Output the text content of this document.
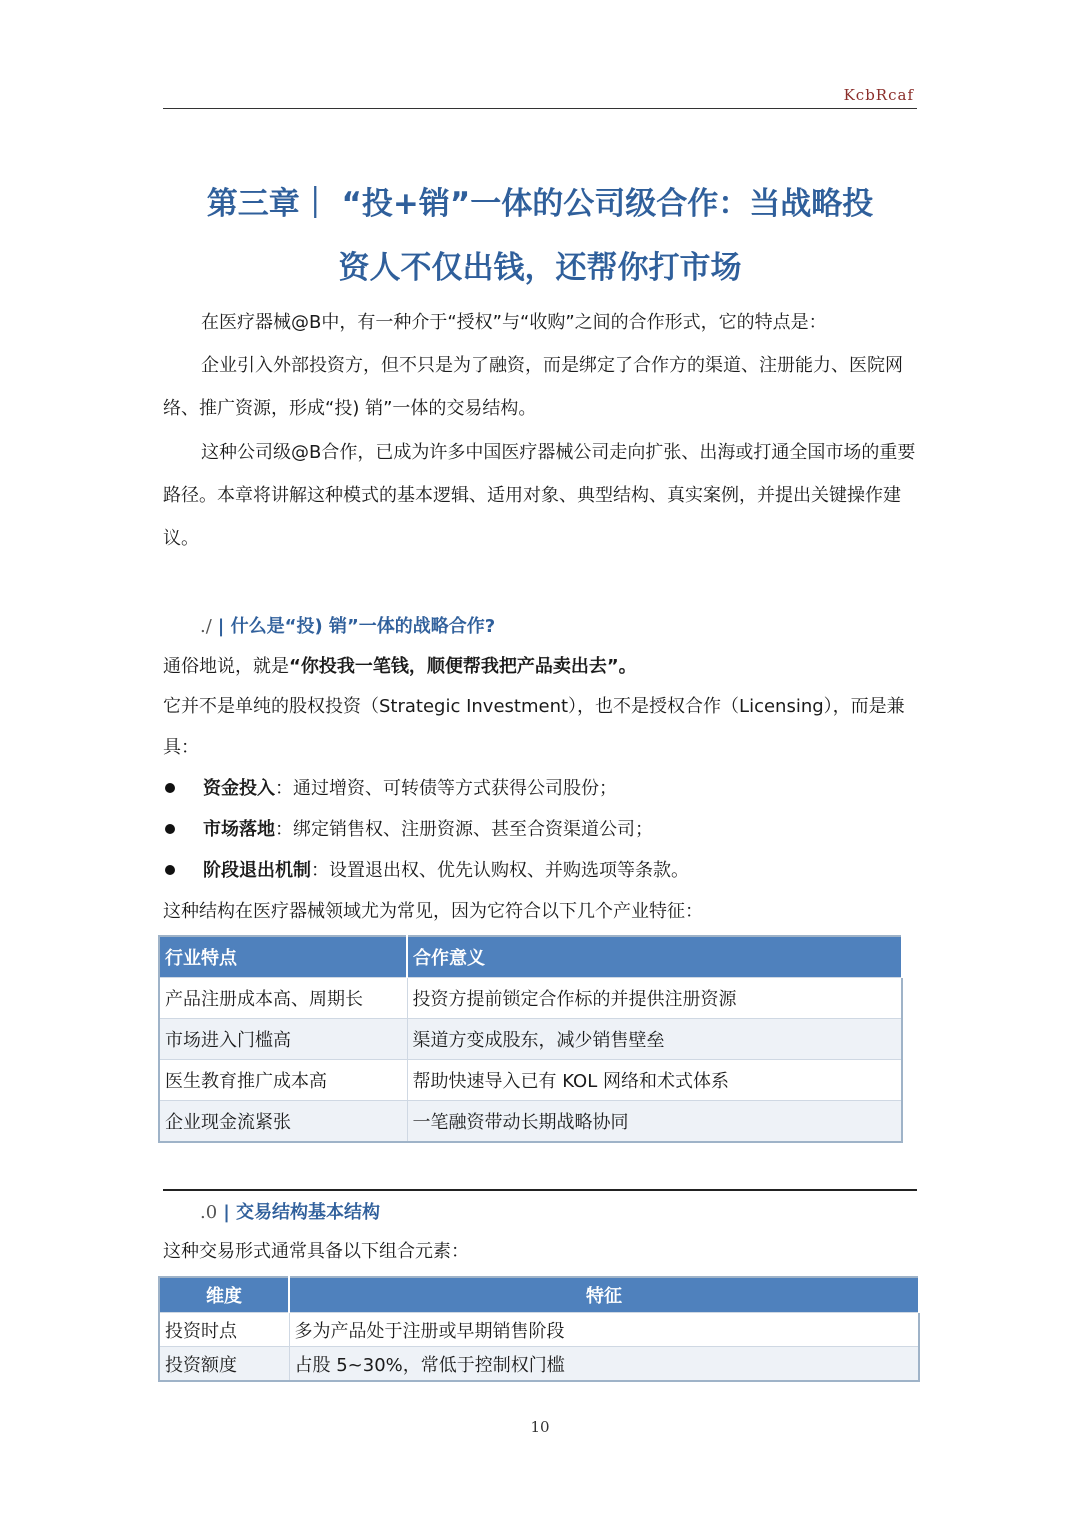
KcbRcaf
第三章｜ “投+销”一体的公司级合作：当战略投
资人不仅出钱，还帮你打市场
在医疗器械@B中，有一种介于“授权”与“收购”之间的合作形式，它的特点是：
企业引入外部投资方，但不只是为了融资，而是绑定了合作方的渠道、注册能力、医院网络、推广资源，形成“投) 销”一体的交易结构。
这种公司级@B合作，已成为许多中国医疗器械公司走向扩张、出海或打通全国市场的重要路径。本章将讲解这种模式的基本逻辑、适用对象、典型结构、真实案例，并提出关键操作建议。
./ | 什么是“投) 销”一体的战略合作?
通俗地说，就是“你投我一笔钱，顺便帮我把产品卖出去”。
它并不是单纯的股权投资（Strategic Investment），也不是授权合作（Licensing），而是兼具：
资金投入：通过增资、可转债等方式获得公司股份；
市场落地：绑定销售权、注册资源、甚至合资渠道公司；
阶段退出机制：设置退出权、优先认购权、并购选项等条款。
这种结构在医疗器械领域尤为常见，因为它符合以下几个产业特征：
行业特点	合作意义
产品注册成本高、周期长	投资方提前锁定合作标的并提供注册资源
市场进入门槛高	渠道方变成股东，减少销售壁垒
医生教育推广成本高	帮助快速导入已有 KOL 网络和术式体系
企业现金流紧张	一笔融资带动长期战略协同
.0 | 交易结构基本结构
这种交易形式通常具备以下组合元素：
维度	特征
投资时点	多为产品处于注册或早期销售阶段
投资额度	占股 5~30%，常低于控制权门槛
10
